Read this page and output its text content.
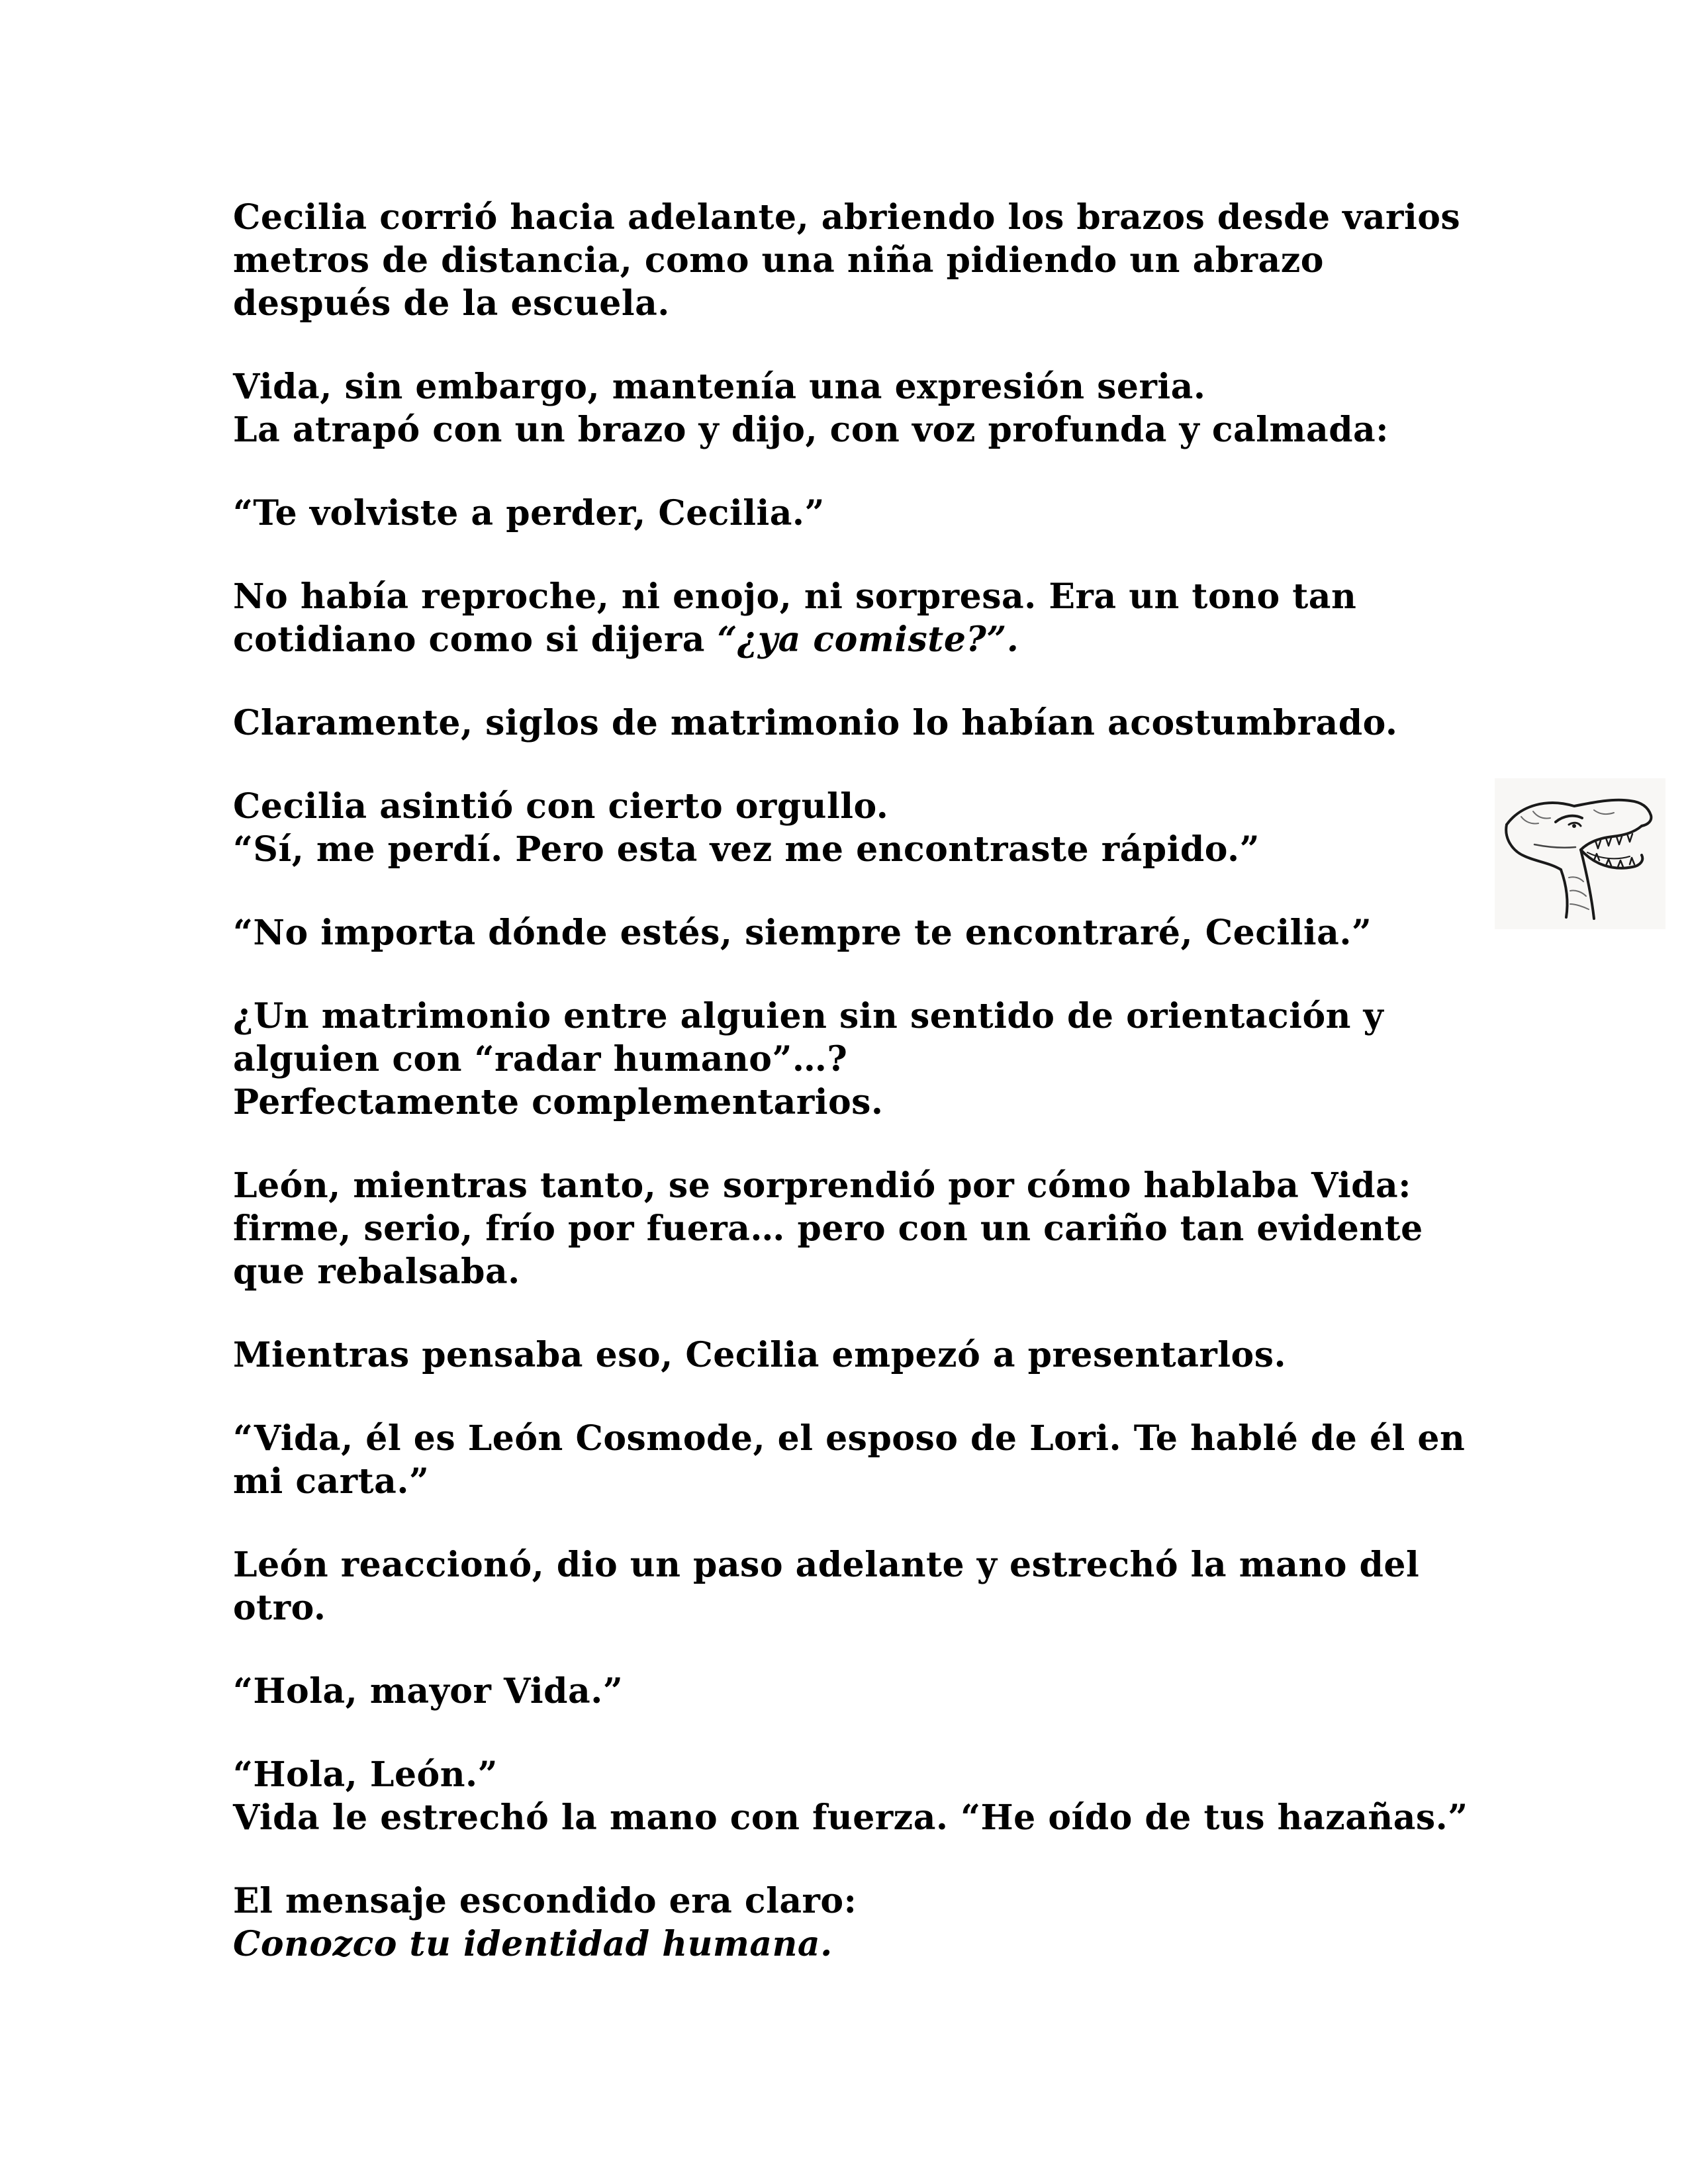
Cecilia corrió hacia adelante, abriendo los brazos desde varios
metros de distancia, como una niña pidiendo un abrazo
después de la escuela.

Vida, sin embargo, mantenía una expresión seria.
La atrapó con un brazo y dijo, con voz profunda y calmada:

“Te volviste a perder, Cecilia.”

No había reproche, ni enojo, ni sorpresa. Era un tono tan
cotidiano como si dijera “¿ya comiste?”.

Claramente, siglos de matrimonio lo habían acostumbrado.

Cecilia asintió con cierto orgullo.
“Sí, me perdí. Pero esta vez me encontraste rápido.”

“No importa dónde estés, siempre te encontraré, Cecilia.”

¿Un matrimonio entre alguien sin sentido de orientación y
alguien con “radar humano”…?
Perfectamente complementarios.

León, mientras tanto, se sorprendió por cómo hablaba Vida:
firme, serio, frío por fuera… pero con un cariño tan evidente
que rebalsaba.

Mientras pensaba eso, Cecilia empezó a presentarlos.

“Vida, él es León Cosmode, el esposo de Lori. Te hablé de él en
mi carta.”

León reaccionó, dio un paso adelante y estrechó la mano del
otro.

“Hola, mayor Vida.”

“Hola, León.”
Vida le estrechó la mano con fuerza. “He oído de tus hazañas.”

El mensaje escondido era claro:
Conozco tu identidad humana.
